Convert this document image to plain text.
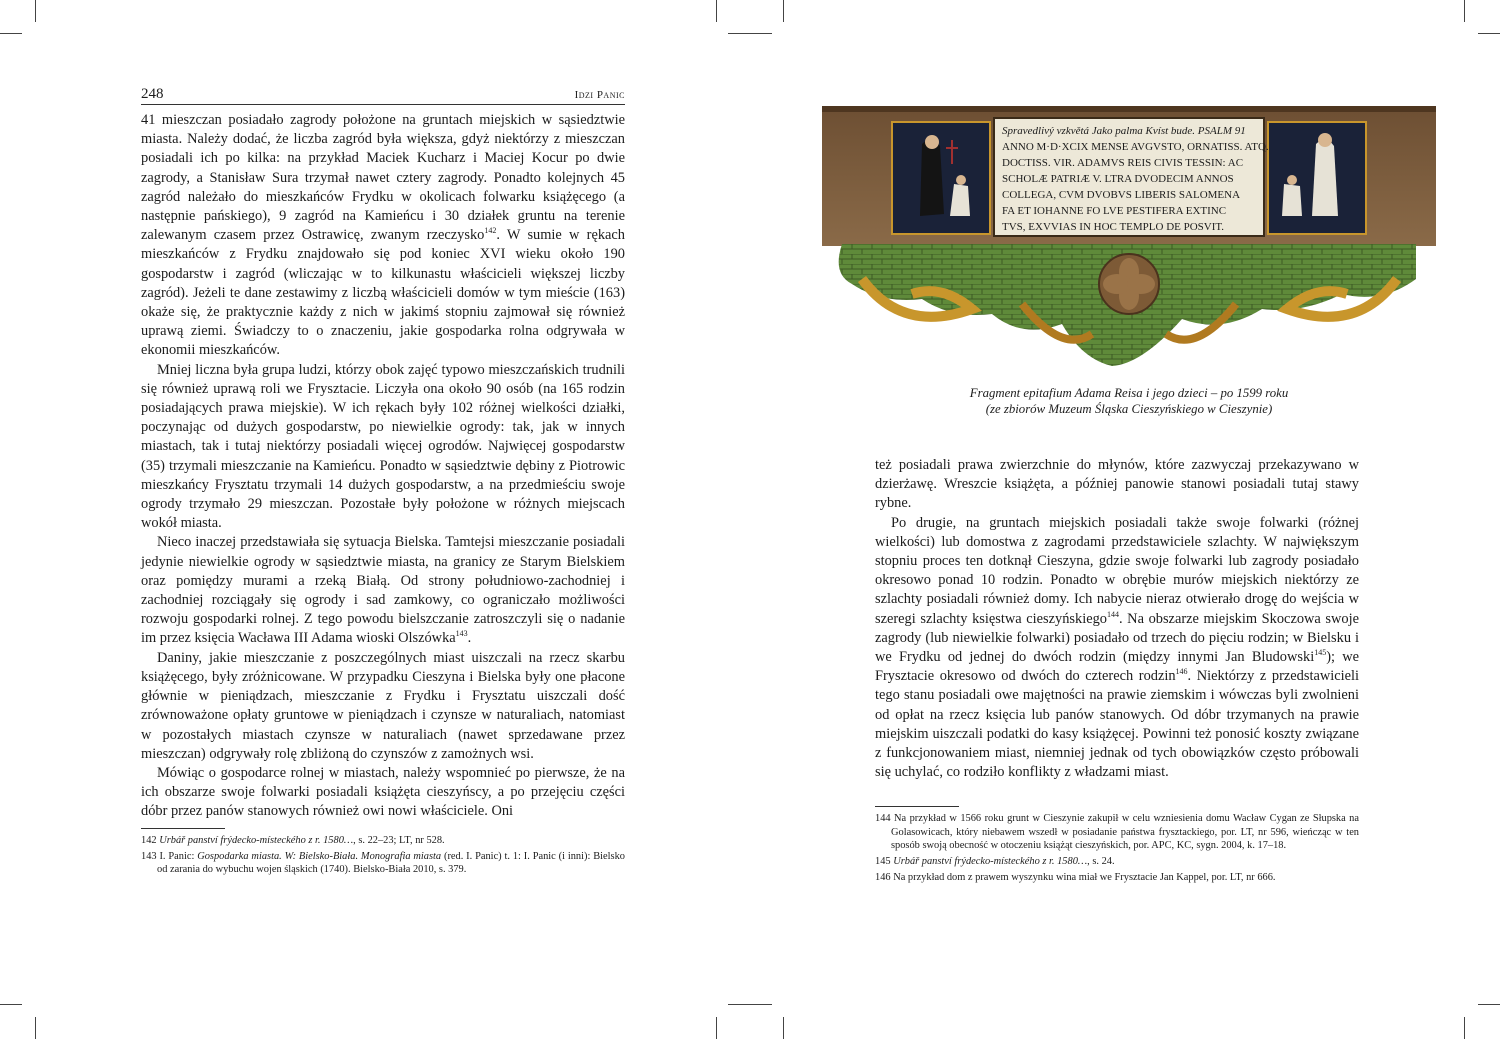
248	Idzi Panic

41 mieszczan posiadało zagrody położone na gruntach miejskich w sąsiedztwie miasta. Należy dodać, że liczba zagród była większa, gdyż niektórzy z mieszczan posiadali ich po kilka: na przykład Maciek Kucharz i Maciej Kocur po dwie zagrody, a Stanisław Sura trzymał nawet cztery zagrody. Ponadto kolejnych 45 zagród należało do mieszkańców Frydku w okolicach folwarku książęcego (a następnie pańskiego), 9 zagród na Kamieńcu i 30 działek gruntu na terenie zalewanym czasem przez Ostrawicę, zwanym rzeczysko$^{142}$. W sumie w rękach mieszkańców z Frydku znajdowało się pod koniec XVI wieku około 190 gospodarstw i zagród (wliczając w to kilkunastu właścicieli większej liczby zagród). Jeżeli te dane zestawimy z liczbą właścicieli domów w tym mieście (163) okaże się, że praktycznie każdy z nich w jakimś stopniu zajmował się również uprawą ziemi. Świadczy to o znaczeniu, jakie gospodarka rolna odgrywała w ekonomii mieszkańców.

Mniej liczna była grupa ludzi, którzy obok zajęć typowo mieszczańskich trudnili się również uprawą roli we Frysztacie. Liczyła ona około 90 osób (na 165 rodzin posiadających prawa miejskie). W ich rękach były 102 różnej wielkości działki, poczynając od dużych gospodarstw, po niewielkie ogrody: tak, jak w innych miastach, tak i tutaj niektórzy posiadali więcej ogrodów. Najwięcej gospodarstw (35) trzymali mieszczanie na Kamieńcu. Ponadto w sąsiedztwie dębiny z Piotrowic mieszkańcy Frysztatu trzymali 14 dużych gospodarstw, a na przedmieściu swoje ogrody trzymało 29 mieszczan. Pozostałe były położone w różnych miejscach wokół miasta.

Nieco inaczej przedstawiała się sytuacja Bielska. Tamtejsi mieszczanie posiadali jedynie niewielkie ogrody w sąsiedztwie miasta, na granicy ze Starym Bielskiem oraz pomiędzy murami a rzeką Białą. Od strony południowo-zachodniej i zachodniej rozciągały się ogrody i sad zamkowy, co ograniczało możliwości rozwoju gospodarki rolnej. Z tego powodu bielszczanie zatroszczyli się o nadanie im przez księcia Wacława III Adama wioski Olszówka$^{143}$.

Daniny, jakie mieszczanie z poszczególnych miast uiszczali na rzecz skarbu książęcego, były zróżnicowane. W przypadku Cieszyna i Bielska były one płacone głównie w pieniądzach, mieszczanie z Frydku i Frysztatu uiszczali dość zrównoważone opłaty gruntowe w pieniądzach i czynsze w naturaliach, natomiast w pozostałych miastach czynsze w naturaliach (nawet sprzedawane przez mieszczan) odgrywały rolę zbliżoną do czynszów z zamożnych wsi.

Mówiąc o gospodarce rolnej w miastach, należy wspomnieć po pierwsze, że na ich obszarze swoje folwarki posiadali książęta cieszyńscy, a po przejęciu części dóbr przez panów stanowych również owi nowi właściciele. Oni

142 Urbář panství frýdecko-místeckého z r. 1580…, s. 22–23; LT, nr 528.

143 I. Panic: Gospodarka miasta. W: Bielsko-Biała. Monografia miasta (red. I. Panic) t. 1: I. Panic (i inni): Bielsko od zarania do wybuchu wojen śląskich (1740). Bielsko-Biała 2010, s. 379.

Spravedlivý vzkvětá Jako palma Kvíst bude. PSALM 91
ANNO M·D·XCIX MENSE AVGVSTO, ORNATISS. ATQ.
DOCTISS. VIR. ADAMVS REIS CIVIS TESSIN: AC
SCHOLÆ PATRIÆ V. LTRA DVODECIM ANNOS
COLLEGA, CVM DVOBVS LIBERIS SALOMENA
FA ET IOHANNE FO LVE PESTIFERA EXTINC
TVS, EXVVIAS IN HOC TEMPLO DE POSVIT.
Fragment epitafium Adama Reisa i jego dzieci – po 1599 roku
(ze zbiorów Muzeum Śląska Cieszyńskiego w Cieszynie)

też posiadali prawa zwierzchnie do młynów, które zazwyczaj przekazywano w dzierżawę. Wreszcie książęta, a później panowie stanowi posiadali tutaj stawy rybne.

Po drugie, na gruntach miejskich posiadali także swoje folwarki (różnej wielkości) lub domostwa z zagrodami przedstawiciele szlachty. W największym stopniu proces ten dotknął Cieszyna, gdzie swoje folwarki lub zagrody posiadało okresowo ponad 10 rodzin. Ponadto w obrębie murów miejskich niektórzy ze szlachty posiadali również domy. Ich nabycie nieraz otwierało drogę do wejścia w szeregi szlachty księstwa cieszyńskiego$^{144}$. Na obszarze miejskim Skoczowa swoje zagrody (lub niewielkie folwarki) posiadało od trzech do pięciu rodzin; w Bielsku i we Frydku od jednej do dwóch rodzin (między innymi Jan Bludowski$^{145}$); we Frysztacie okresowo od dwóch do czterech rodzin$^{146}$. Niektórzy z przedstawicieli tego stanu posiadali owe majętności na prawie ziemskim i wówczas byli zwolnieni od opłat na rzecz księcia lub panów stanowych. Od dóbr trzymanych na prawie miejskim uiszczali podatki do kasy książęcej. Powinni też ponosić koszty związane z funkcjonowaniem miast, niemniej jednak od tych obowiązków często próbowali się uchylać, co rodziło konflikty z władzami miast.

144 Na przykład w 1566 roku grunt w Cieszynie zakupił w celu wzniesienia domu Wacław Cygan ze Słupska na Golasowicach, który niebawem wszedł w posiadanie państwa frysztackiego, por. LT, nr 596, wieńcząc w ten sposób swoją obecność w otoczeniu książąt cieszyńskich, por. APC, KC, sygn. 2004, k. 17–18.

145 Urbář panství frýdecko-místeckého z r. 1580…, s. 24.

146 Na przykład dom z prawem wyszynku wina miał we Frysztacie Jan Kappel, por. LT, nr 666.
